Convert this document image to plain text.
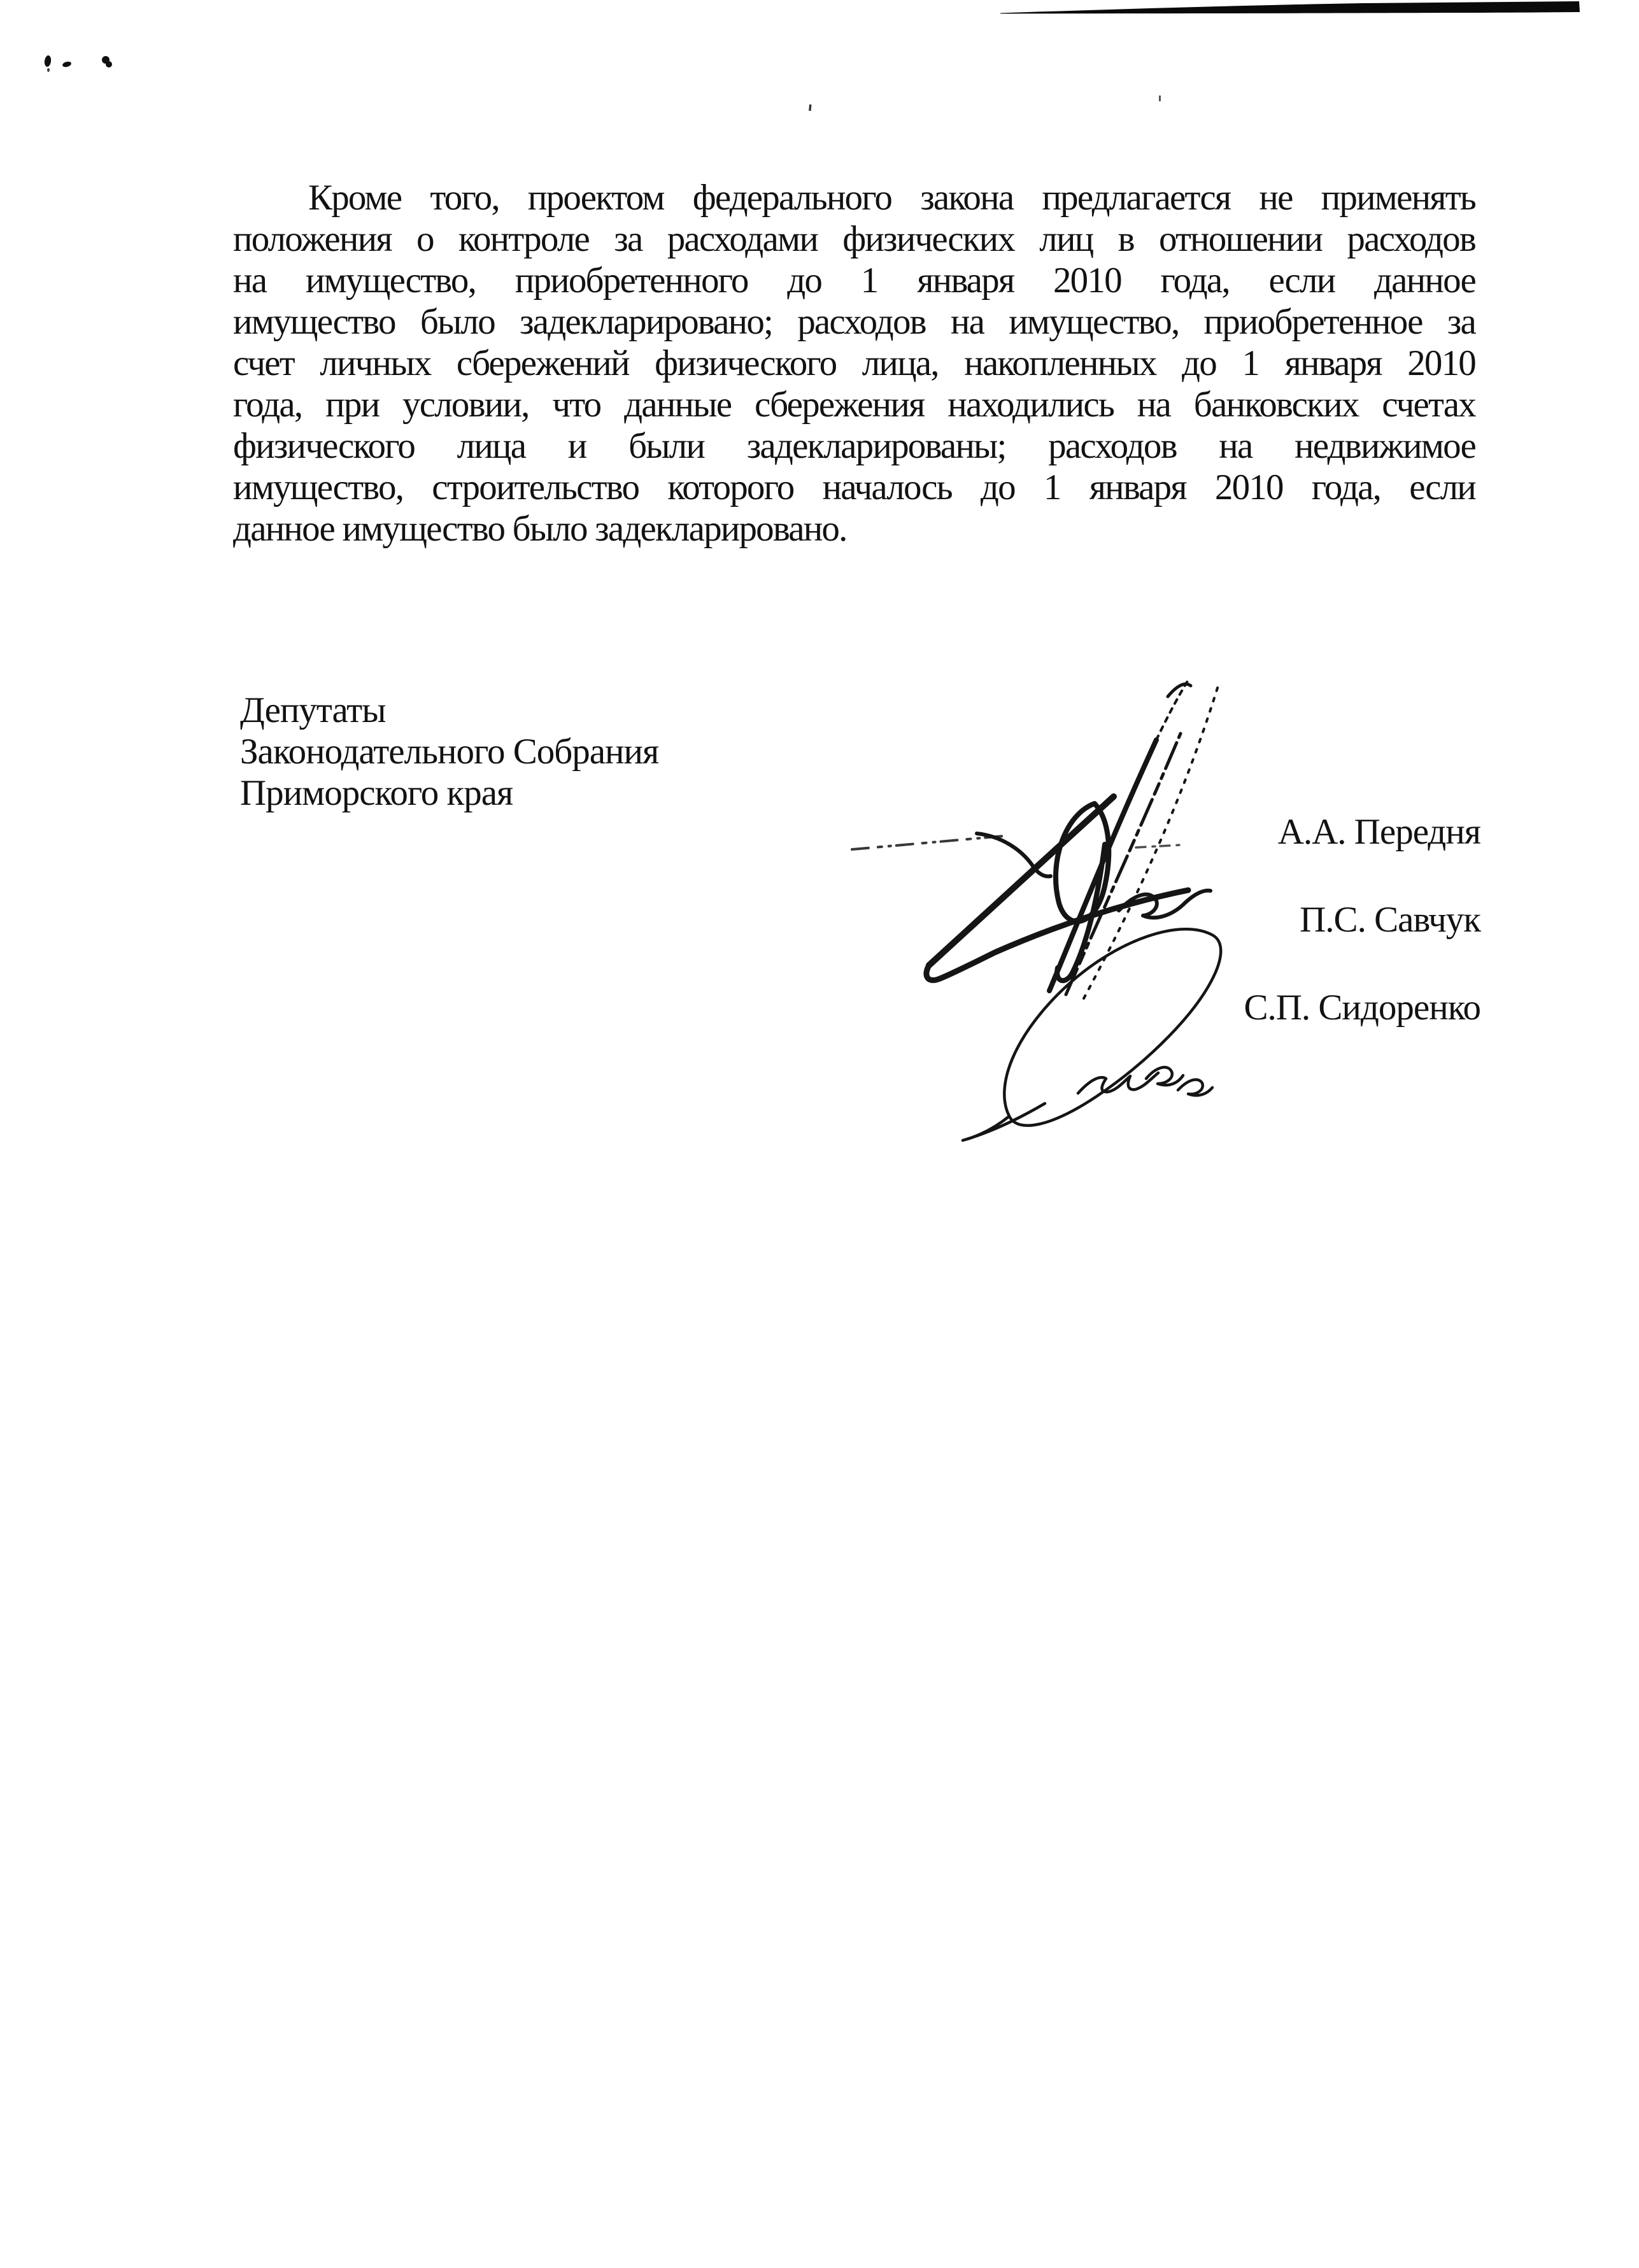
Кроме того, проектом федерального закона предлагается не применять
положения о контроле за расходами физических лиц в отношении расходов
на имущество, приобретенного до 1 января 2010 года, если данное
имущество было задекларировано; расходов на имущество, приобретенное за
счет личных сбережений физического лица, накопленных до 1 января 2010
года, при условии, что данные сбережения находились на банковских счетах
физического лица и были задекларированы; расходов на недвижимое
имущество, строительство которого началось до 1 января 2010 года, если
данное имущество было задекларировано.
Депутаты
Законодательного Собрания
Приморского края
А.А. Передня
П.С. Савчук
С.П. Сидоренко
